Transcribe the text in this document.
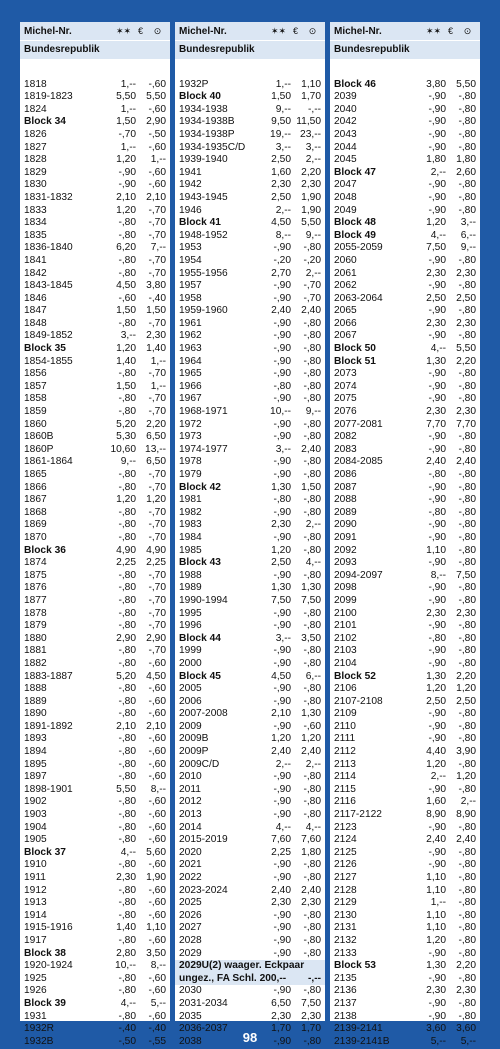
Michel-Nr.	✶✶ €	⊙
Bundesrepublik
1818	1,--	-,60
1819-1823	5,50 5,50
1824	1,--	-,60
Block 34	1,50 2,90
1826	-,70	-,50
1827	1,--	-,60
1828	1,20	1,--
1829	-,90	-,60
1830	-,90	-,60
1831-1832	2,10 2,10
1833	1,20	-,70
1834	-,80	-,70
1835	-,80	-,70
1836-1840	6,20	7,--
1841	-,80	-,70
1842	-,80	-,70
1843-1845	4,50 3,80
1846	-,60	-,40
1847	1,50 1,50
1848	-,80	-,70
1849-1852	3,-- 2,30
Block 35	1,20 1,40
1854-1855	1,40	1,--
1856	-,80	-,70
1857	1,50	1,--
1858	-,80	-,70
1859	-,80	-,70
1860	5,20 2,20
1860B	5,30 6,50
1860P	10,60 13,--
1861-1864	9,-- 6,50
1865	-,80	-,70
1866	-,80	-,70
1867	1,20 1,20
1868	-,80	-,70
1869	-,80	-,70
1870	-,80	-,70
Block 36	4,90 4,90
1874	2,25 2,25
1875	-,80	-,70
1876	-,80	-,70
1877	-,80	-,70
1878	-,80	-,70
1879	-,80	-,70
1880	2,90 2,90
1881	-,80	-,70
1882	-,80	-,60
1883-1887	5,20 4,50
1888	-,80	-,60
1889	-,80	-,60
1890	-,80	-,60
1891-1892	2,10 2,10
1893	-,80	-,60
1894	-,80	-,60
1895	-,80	-,60
1897	-,80	-,60
1898-1901	5,50	8,--
1902	-,80	-,60
1903	-,80	-,60
1904	-,80	-,60
1905	-,80	-,60
Block 37	4,-- 5,60
1910	-,80	-,60
1911	2,30 1,90
1912	-,80	-,60
1913	-,80	-,60
1914	-,80	-,60
1915-1916	1,40 1,10
1917	-,80	-,60
Block 38	2,80 3,50
1920-1924	10,--	8,--
1925	-,80	-,60
1926	-,80	-,60
Block 39	4,--	5,--
1931	-,80	-,60
1932R	-,40	-,40
1932B	-,50	-,55
Michel-Nr.	✶✶ €	⊙
Bundesrepublik
1932P	1,-- 1,10
Block 40	1,50 1,70
1934-1938	9,--	-,--
1934-1938B	9,50 11,50
1934-1938P	19,-- 23,--
1934-1935C/D	3,--	3,--
1939-1940	2,50	2,--
1941	1,60 2,20
1942	2,30 2,30
1943-1945	2,50 1,90
1946	2,-- 1,90
Block 41	4,50 5,50
1948-1952	8,--	9,--
1953	-,90	-,80
1954	-,20	-,20
1955-1956	2,70	2,--
1957	-,90	-,70
1958	-,90	-,70
1959-1960	2,40 2,40
1961	-,90	-,80
1962	-,90	-,80
1963	-,90	-,80
1964	-,90	-,80
1965	-,90	-,80
1966	-,80	-,80
1967	-,90	-,80
1968-1971	10,--	9,--
1972	-,90	-,80
1973	-,90	-,80
1974-1977	3,-- 2,40
1978	-,90	-,80
1979	-,90	-,80
Block 42	1,30 1,50
1981	-,80	-,80
1982	-,90	-,80
1983	2,30	2,--
1984	-,90	-,80
1985	1,20	-,80
Block 43	2,50	4,--
1988	-,90	-,80
1989	1,30 1,30
1990-1994	7,50 7,50
1995	-,90	-,80
1996	-,90	-,80
Block 44	3,-- 3,50
1999	-,90	-,80
2000	-,90	-,80
Block 45	4,50	6,--
2005	-,90	-,80
2006	-,90	-,80
2007-2008	2,10 1,30
2009	-,90	-,60
2009B	1,20 1,20
2009P	2,40 2,40
2009C/D	2,--	2,--
2010	-,90	-,80
2011	-,90	-,80
2012	-,90	-,80
2013	-,90	-,80
2014	4,--	4,--
2015-2019	7,60 7,60
2020	2,25 1,80
2021	-,90	-,80
2022	-,90	-,80
2023-2024	2,40 2,40
2025	2,30 2,30
2026	-,90	-,80
2027	-,90	-,80
2028	-,90	-,80
2029	-,90	-,80
2029U(2) waager. Eckpaar
ungez., FA Schl. 200,--	-,--
2030	-,90	-,80
2031-2034	6,50 7,50
2035	2,30 2,30
2036-2037	1,70 1,70
2038	-,90	-,80
Michel-Nr.	✶✶ €	⊙
Bundesrepublik
Block 46	3,80 5,50
2039	-,90	-,80
2040	-,90	-,80
2042	-,90	-,80
2043	-,90	-,80
2044	-,90	-,80
2045	1,80 1,80
Block 47	2,-- 2,60
2047	-,90	-,80
2048	-,90	-,80
2049	-,90	-,80
Block 48	1,20	3,--
Block 49	4,--	6,--
2055-2059	7,50	9,--
2060	-,90	-,80
2061	2,30 2,30
2062	-,90	-,80
2063-2064	2,50 2,50
2065	-,90	-,80
2066	2,30 2,30
2067	-,90	-,80
Block 50	4,-- 5,50
Block 51	1,30 2,20
2073	-,90	-,80
2074	-,90	-,80
2075	-,90	-,80
2076	2,30 2,30
2077-2081	7,70 7,70
2082	-,90	-,80
2083	-,90	-,80
2084-2085	2,40 2,40
2086	-,80	-,80
2087	-,90	-,80
2088	-,90	-,80
2089	-,80	-,80
2090	-,90	-,80
2091	-,90	-,80
2092	1,10	-,80
2093	-,90	-,80
2094-2097	8,-- 7,50
2098	-,90	-,80
2099	-,90	-,80
2100	2,30 2,30
2101	-,90	-,80
2102	-,80	-,80
2103	-,90	-,80
2104	-,90	-,80
Block 52	1,30 2,20
2106	1,20 1,20
2107-2108	2,50 2,50
2109	-,90	-,80
2110	-,90	-,80
2111	-,90	-,80
2112	4,40 3,90
2113	1,20	-,80
2114	2,-- 1,20
2115	-,90	-,80
2116	1,60	2,--
2117-2122	8,90 8,90
2123	-,90	-,80
2124	2,40 2,40
2125	-,90	-,80
2126	-,90	-,80
2127	1,10	-,80
2128	1,10	-,80
2129	1,--	-,80
2130	1,10	-,80
2131	1,10	-,80
2132	1,20	-,80
2133	-,90	-,80
Block 53	1,30 2,20
2135	-,90	-,80
2136	2,30 2,30
2137	-,90	-,80
2138	-,90	-,80
2139-2141	3,60 3,60
2139-2141B	5,--	5,--
98
